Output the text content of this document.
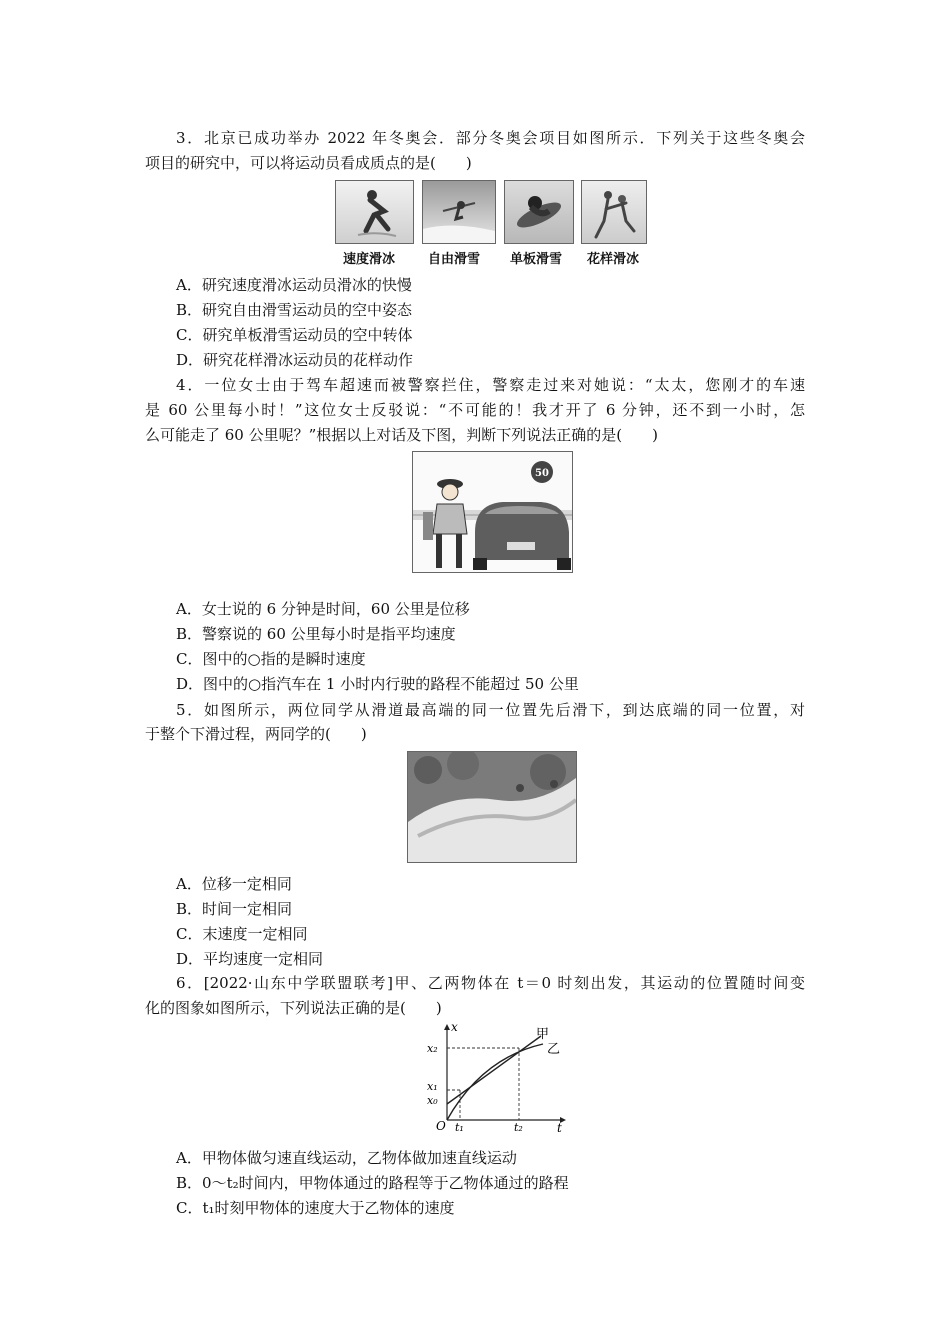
3．北京已成功举办 2022 年冬奥会．部分冬奥会项目如图所示．下列关于这些冬奥会
项目的研究中，可以将运动员看成质点的是(　　)
速度滑冰	自由滑雪 单板滑雪 花样滑冰
A．研究速度滑冰运动员滑冰的快慢
B．研究自由滑雪运动员的空中姿态
C．研究单板滑雪运动员的空中转体
D．研究花样滑冰运动员的花样动作
4．一位女士由于驾车超速而被警察拦住，警察走过来对她说：“太太，您刚才的车速
是 60 公里每小时！”这位女士反驳说：“不可能的！我才开了 6 分钟，还不到一小时，怎
么可能走了 60 公里呢？”根据以上对话及下图，判断下列说法正确的是(　　)
50
A．女士说的 6 分钟是时间，60 公里是位移
B．警察说的 60 公里每小时是指平均速度
C．图中的○指的是瞬时速度
D．图中的○指汽车在 1 小时内行驶的路程不能超过 50 公里
5．如图所示，两位同学从滑道最高端的同一位置先后滑下，到达底端的同一位置，对
于整个下滑过程，两同学的(　　)
A．位移一定相同
B．时间一定相同
C．末速度一定相同
D．平均速度一定相同
6．[2022·山东中学联盟联考]甲、乙两物体在 t＝0 时刻出发，其运动的位置随时间变
化的图象如图所示，下列说法正确的是(　　)
x
t
O
x₂
x₁
x₀
t₁	t₂
甲
乙
A．甲物体做匀速直线运动，乙物体做加速直线运动
B．0～t₂时间内，甲物体通过的路程等于乙物体通过的路程
C．t₁时刻甲物体的速度大于乙物体的速度
